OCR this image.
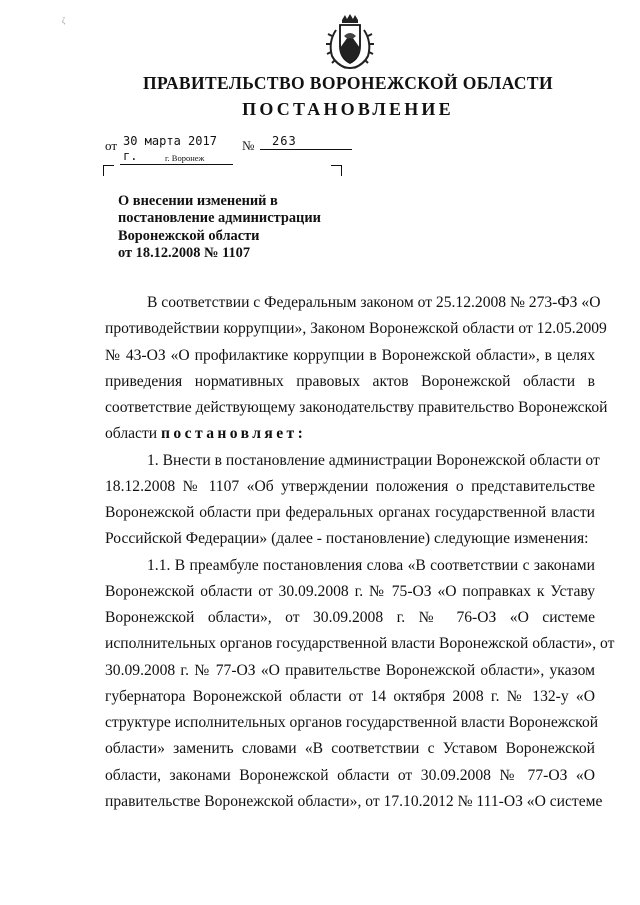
ζ
ПРАВИТЕЛЬСТВО ВОРОНЕЖСКОЙ ОБЛАСТИ
ПОСТАНОВЛЕНИЕ
от 30 марта 2017 г.
№	263
г. Воронеж
О внесении изменений в
постановление администрации
Воронежской области
от 18.12.2008 № 1107
В соответствии с Федеральным законом от 25.12.2008 № 273-ФЗ «О
противодействии коррупции», Законом Воронежской области от 12.05.2009
№ 43-ОЗ «О профилактике коррупции в Воронежской области», в целях
приведения нормативных правовых актов Воронежской области в
соответствие действующему законодательству правительство Воронежской
области постановляет:
1. Внести в постановление администрации Воронежской области от
18.12.2008 № 1107 «Об утверждении положения о представительстве
Воронежской области при федеральных органах государственной власти
Российской Федерации» (далее - постановление) следующие изменения:
1.1. В преамбуле постановления слова «В соответствии с законами
Воронежской области от 30.09.2008 г. № 75-ОЗ «О поправках к Уставу
Воронежской области», от 30.09.2008 г. № 76-ОЗ «О системе
исполнительных органов государственной власти Воронежской области», от
30.09.2008 г. № 77-ОЗ «О правительстве Воронежской области», указом
губернатора Воронежской области от 14 октября 2008 г. № 132-у «О
структуре исполнительных органов государственной власти Воронежской
области» заменить словами «В соответствии с Уставом Воронежской
области, законами Воронежской области от 30.09.2008 № 77-ОЗ «О
правительстве Воронежской области», от 17.10.2012 № 111-ОЗ «О системе
